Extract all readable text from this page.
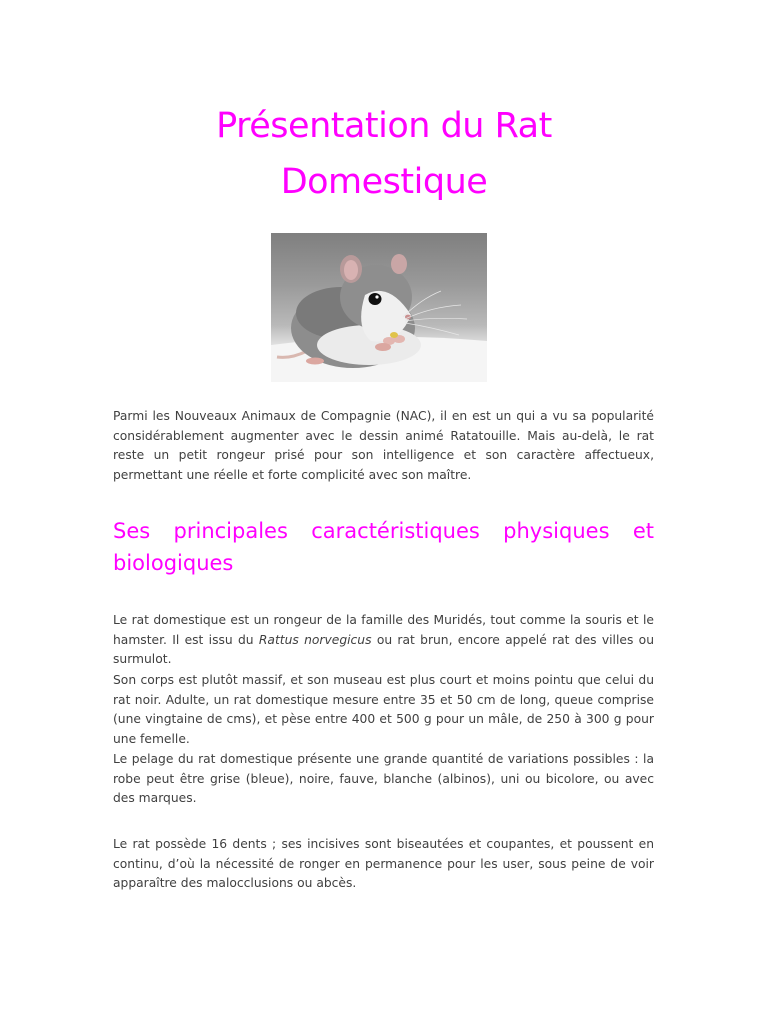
Présentation du Rat Domestique

Parmi les Nouveaux Animaux de Compagnie (NAC), il en est un qui a vu sa popularité considérablement augmenter avec le dessin animé Ratatouille. Mais au-delà, le rat reste un petit rongeur prisé pour son intelligence et son caractère affectueux, permettant une réelle et forte complicité avec son maître.

Ses principales caractéristiques physiques et biologiques

Le rat domestique est un rongeur de la famille des Muridés, tout comme la souris et le hamster. Il est issu du Rattus norvegicus ou rat brun, encore appelé rat des villes ou surmulot.

Son corps est plutôt massif, et son museau est plus court et moins pointu que celui du rat noir. Adulte, un rat domestique mesure entre 35 et 50 cm de long, queue comprise (une vingtaine de cms), et pèse entre 400 et 500 g pour un mâle, de 250 à 300 g pour une femelle.

Le pelage du rat domestique présente une grande quantité de variations possibles : la robe peut être grise (bleue), noire, fauve, blanche (albinos), uni ou bicolore, ou avec des marques.

Le rat possède 16 dents ; ses incisives sont biseautées et coupantes, et poussent en continu, d’où la nécessité de ronger en permanence pour les user, sous peine de voir apparaître des malocclusions ou abcès.
